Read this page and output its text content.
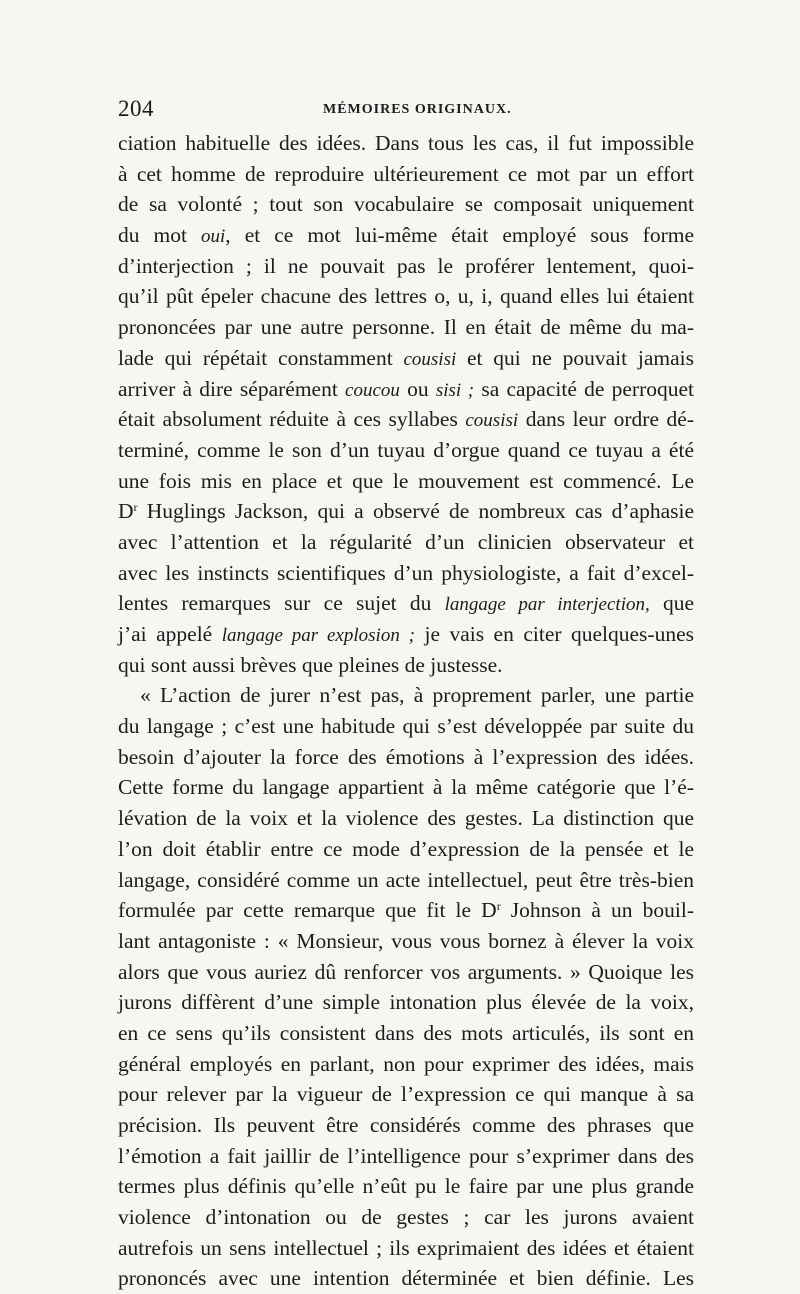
204	MÉMOIRES ORIGINAUX.
ciation habituelle des idées. Dans tous les cas, il fut impossible
à cet homme de reproduire ultérieurement ce mot par un effort
de sa volonté ; tout son vocabulaire se composait uniquement
du mot oui, et ce mot lui-même était employé sous forme
d’interjection ; il ne pouvait pas le proférer lentement, quoi-
qu’il pût épeler chacune des lettres o, u, i, quand elles lui étaient
prononcées par une autre personne. Il en était de même du ma-
lade qui répétait constamment cousisi et qui ne pouvait jamais
arriver à dire séparément coucou ou sisi ; sa capacité de perroquet
était absolument réduite à ces syllabes cousisi dans leur ordre dé-
terminé, comme le son d’un tuyau d’orgue quand ce tuyau a été
une fois mis en place et que le mouvement est commencé. Le
$D^r$ Huglings Jackson, qui a observé de nombreux cas d’aphasie
avec l’attention et la régularité d’un clinicien observateur et
avec les instincts scientifiques d’un physiologiste, a fait d’excel-
lentes remarques sur ce sujet du langage par interjection, que
j’ai appelé langage par explosion ; je vais en citer quelques-unes
qui sont aussi brèves que pleines de justesse.
« L’action de jurer n’est pas, à proprement parler, une partie
du langage ; c’est une habitude qui s’est développée par suite du
besoin d’ajouter la force des émotions à l’expression des idées.
Cette forme du langage appartient à la même catégorie que l’é-
lévation de la voix et la violence des gestes. La distinction que
l’on doit établir entre ce mode d’expression de la pensée et le
langage, considéré comme un acte intellectuel, peut être très-bien
formulée par cette remarque que fit le $D^r$ Johnson à un bouil-
lant antagoniste : « Monsieur, vous vous bornez à élever la voix
alors que vous auriez dû renforcer vos arguments. » Quoique les
jurons diffèrent d’une simple intonation plus élevée de la voix,
en ce sens qu’ils consistent dans des mots articulés, ils sont en
général employés en parlant, non pour exprimer des idées, mais
pour relever par la vigueur de l’expression ce qui manque à sa
précision. Ils peuvent être considérés comme des phrases que
l’émotion a fait jaillir de l’intelligence pour s’exprimer dans des
termes plus définis qu’elle n’eût pu le faire par une plus grande
violence d’intonation ou de gestes ; car les jurons avaient
autrefois un sens intellectuel ; ils exprimaient des idées et étaient
prononcés avec une intention déterminée et bien définie. Les
